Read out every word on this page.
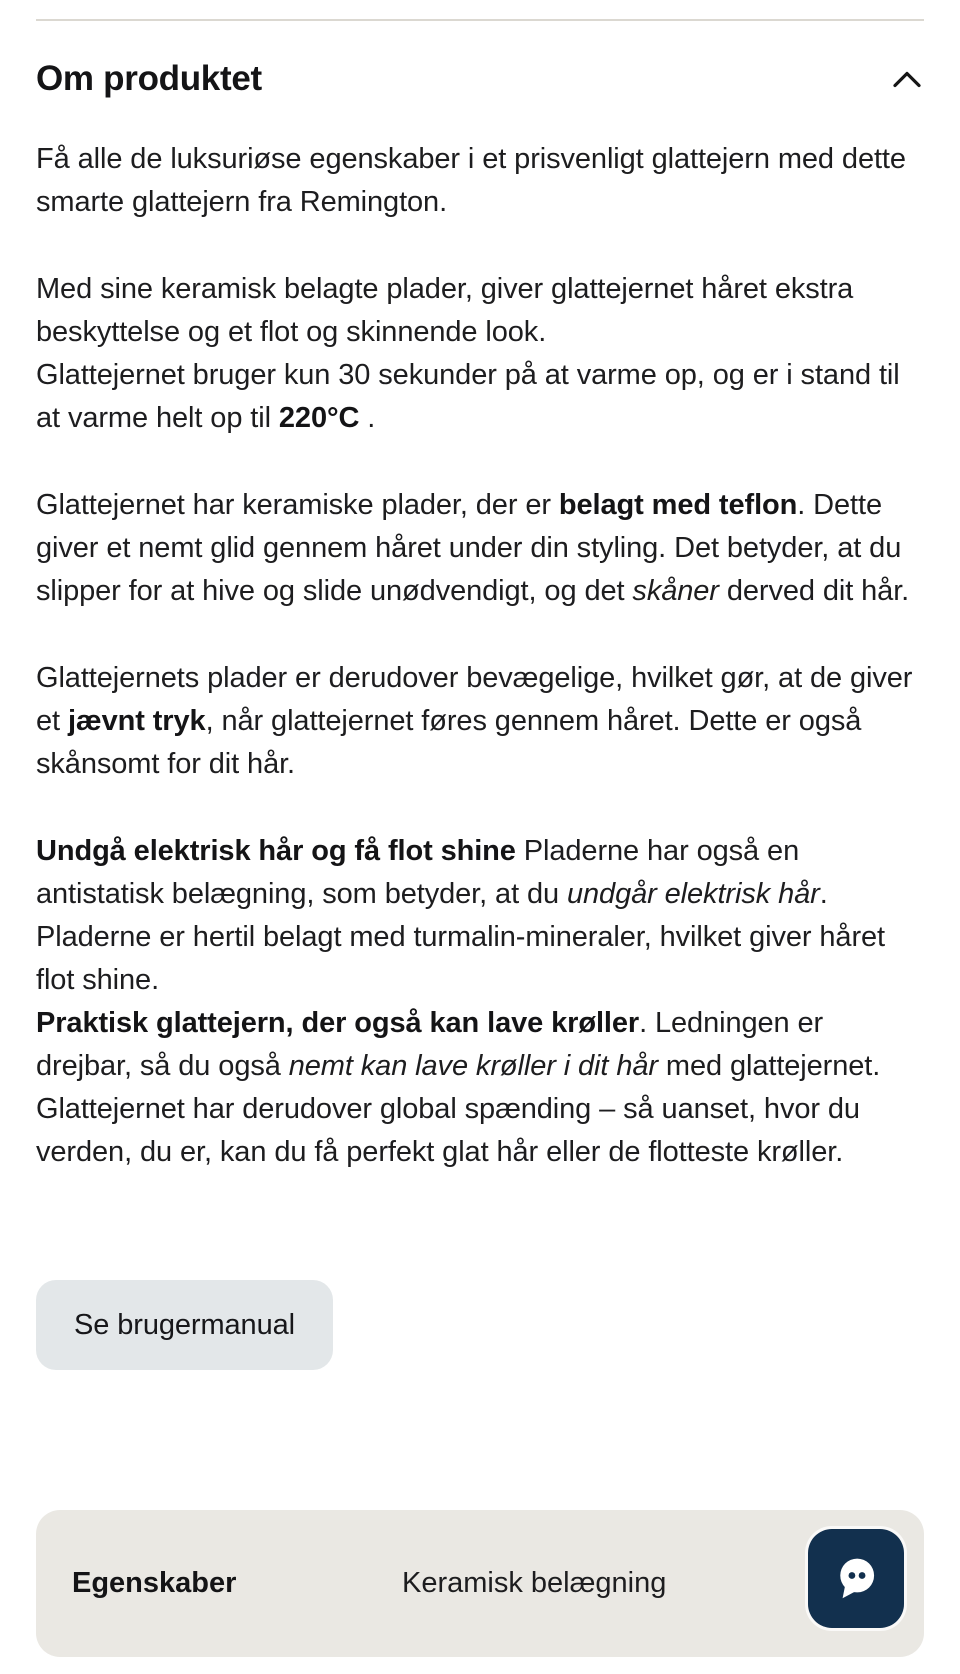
Om produktet

Få alle de luksuriøse egenskaber i et prisvenligt glattejern med dette smarte glattejern fra Remington.

Med sine keramisk belagte plader, giver glattejernet håret ekstra beskyttelse og et flot og skinnende look.
Glattejernet bruger kun 30 sekunder på at varme op, og er i stand til at varme helt op til 220°C .

Glattejernet har keramiske plader, der er belagt med teflon. Dette giver et nemt glid gennem håret under din styling. Det betyder, at du slipper for at hive og slide unødvendigt, og det skåner derved dit hår.

Glattejernets plader er derudover bevægelige, hvilket gør, at de giver et jævnt tryk, når glattejernet føres gennem håret. Dette er også skånsomt for dit hår.

Undgå elektrisk hår og få flot shine Pladerne har også en antistatisk belægning, som betyder, at du undgår elektrisk hår. Pladerne er hertil belagt med turmalin-mineraler, hvilket giver håret flot shine.
Praktisk glattejern, der også kan lave krøller. Ledningen er drejbar, så du også nemt kan lave krøller i dit hår med glattejernet. Glattejernet har derudover global spænding – så uanset, hvor du verden, du er, kan du få perfekt glat hår eller de flotteste krøller.

Se brugermanual
Egenskaber	Keramisk belægning
